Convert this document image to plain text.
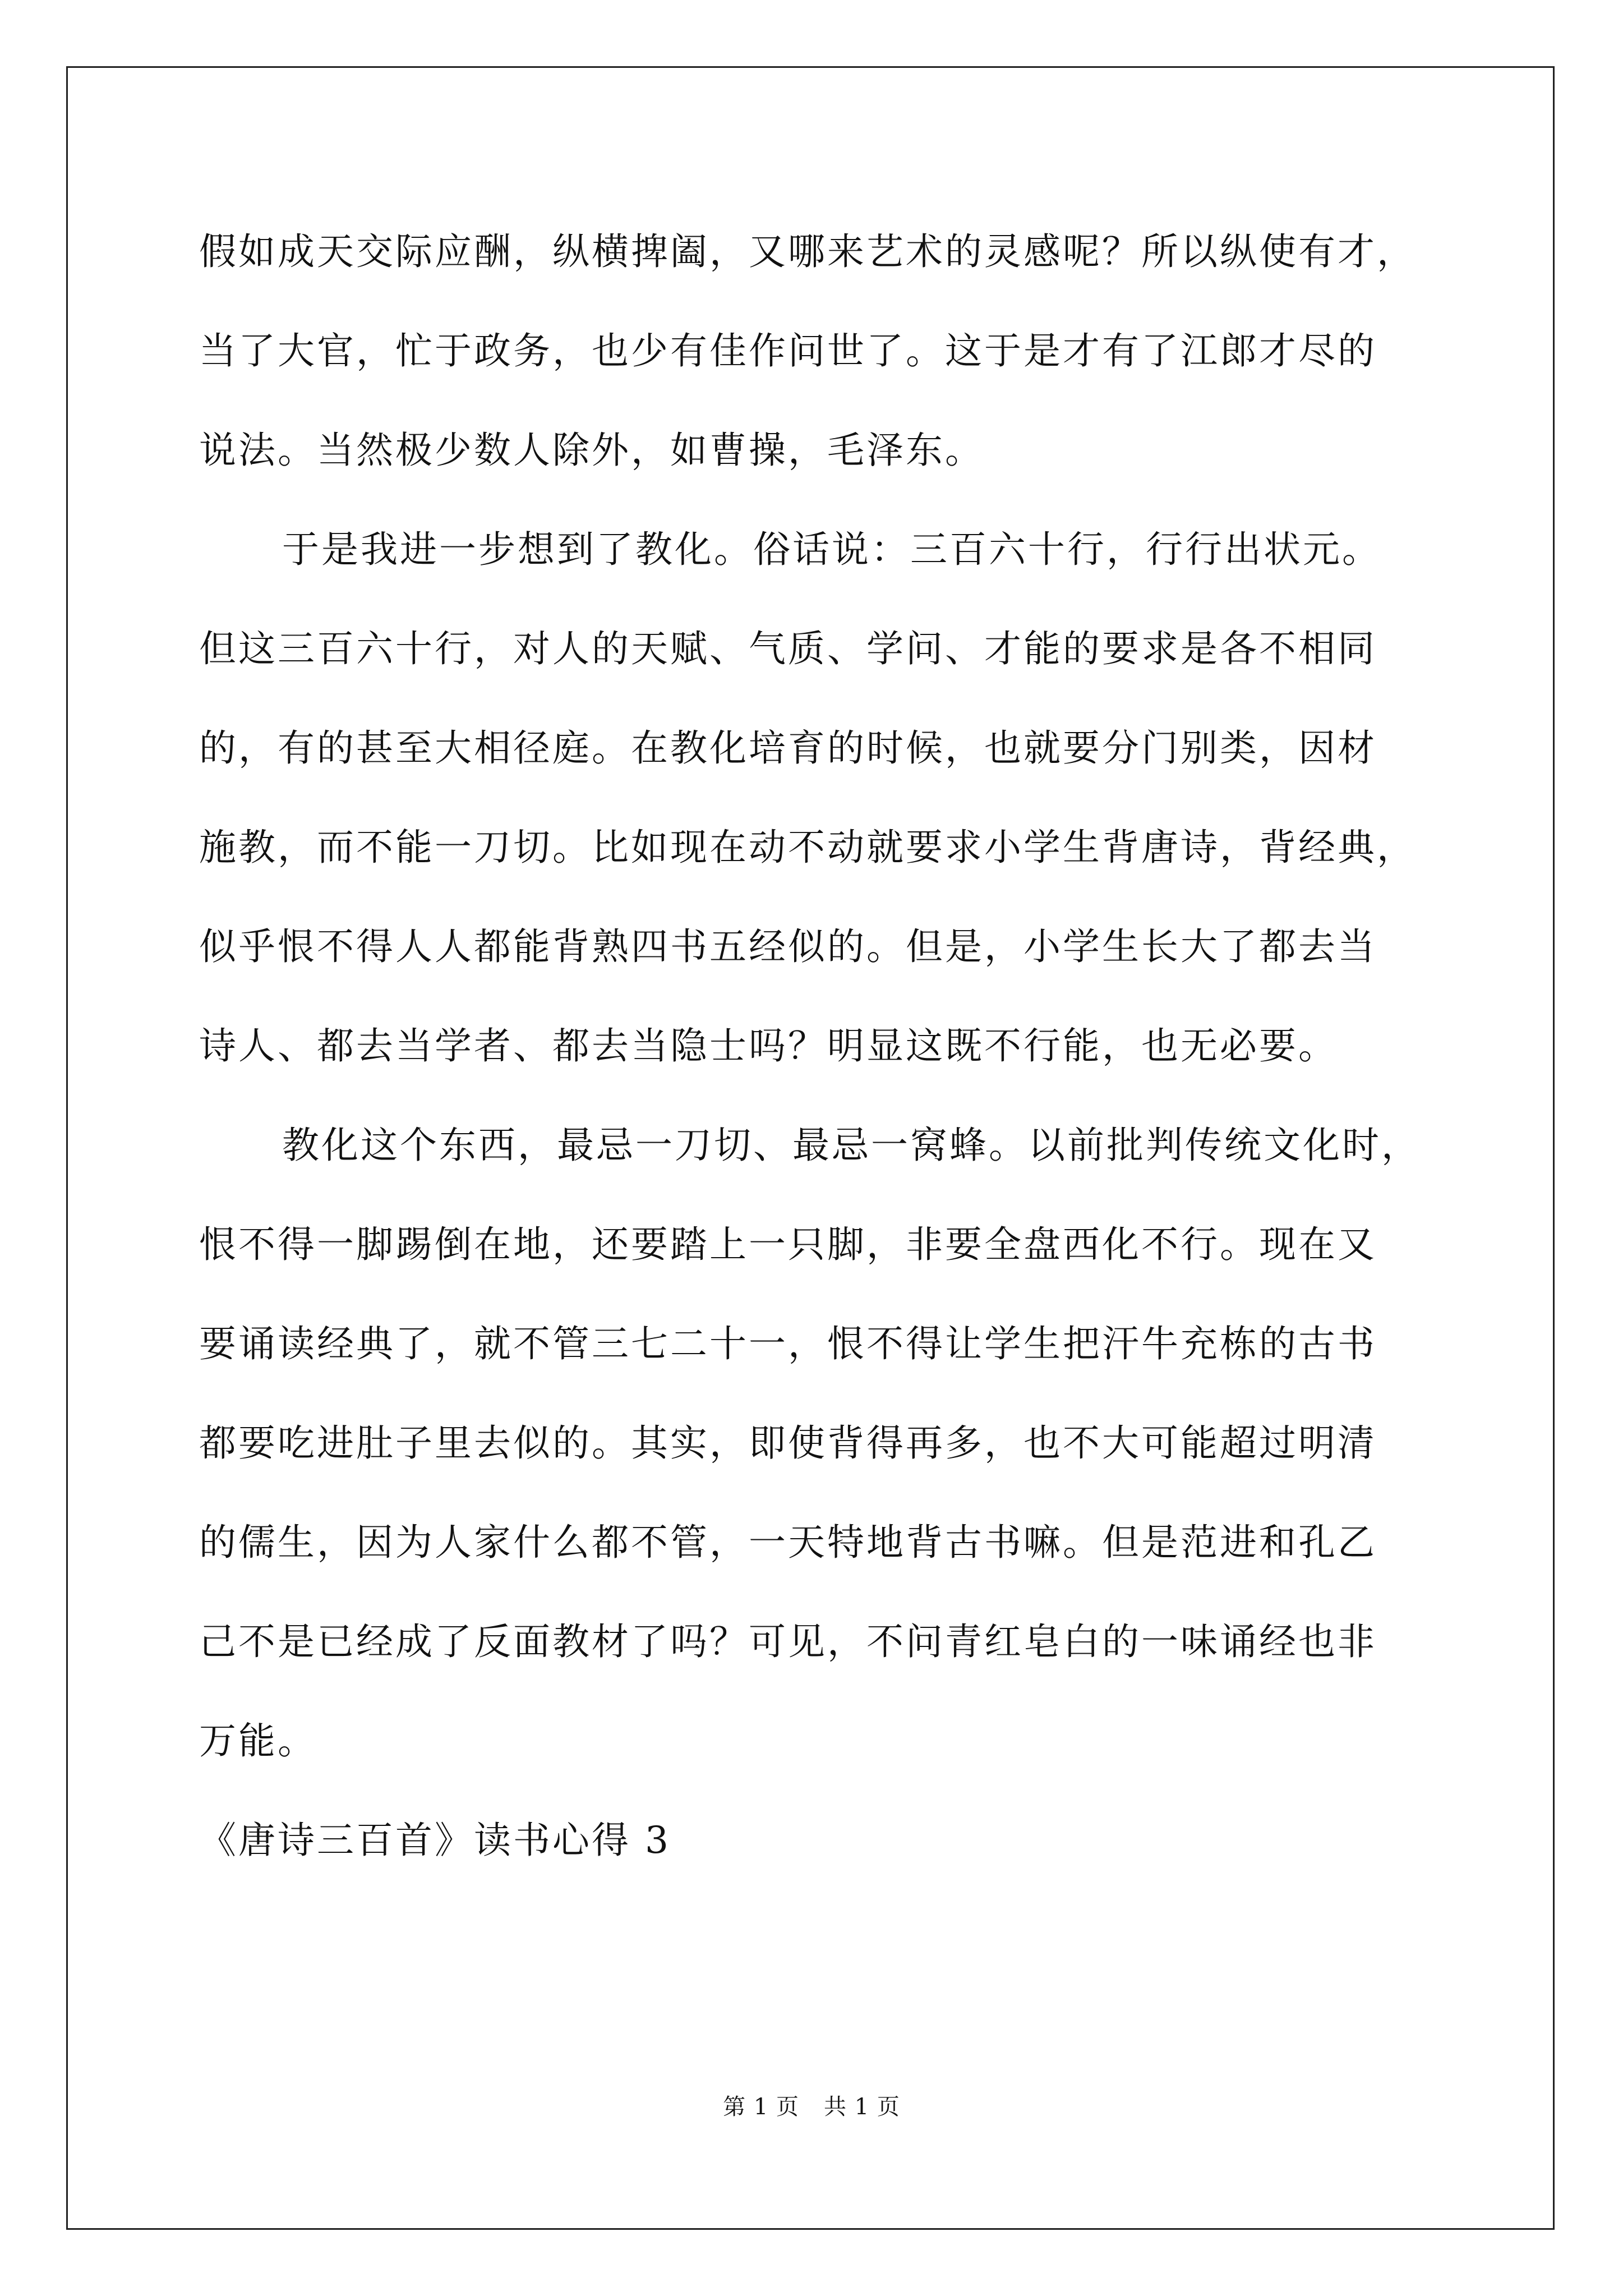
假如成天交际应酬，纵横捭阖，又哪来艺术的灵感呢？所以纵使有才，
当了大官，忙于政务，也少有佳作问世了。这于是才有了江郎才尽的
说法。当然极少数人除外，如曹操，毛泽东。
于是我进一步想到了教化。俗话说：三百六十行，行行出状元。
但这三百六十行，对人的天赋、气质、学问、才能的要求是各不相同
的，有的甚至大相径庭。在教化培育的时候，也就要分门别类，因材
施教，而不能一刀切。比如现在动不动就要求小学生背唐诗，背经典，
似乎恨不得人人都能背熟四书五经似的。但是，小学生长大了都去当
诗人、都去当学者、都去当隐士吗？明显这既不行能，也无必要。
教化这个东西，最忌一刀切、最忌一窝蜂。以前批判传统文化时，
恨不得一脚踢倒在地，还要踏上一只脚，非要全盘西化不行。现在又
要诵读经典了，就不管三七二十一，恨不得让学生把汗牛充栋的古书
都要吃进肚子里去似的。其实，即使背得再多，也不大可能超过明清
的儒生，因为人家什么都不管，一天特地背古书嘛。但是范进和孔乙
己不是已经成了反面教材了吗？可见，不问青红皂白的一味诵经也非
万能。
《唐诗三百首》读书心得 3
第 1 页 共 1 页
